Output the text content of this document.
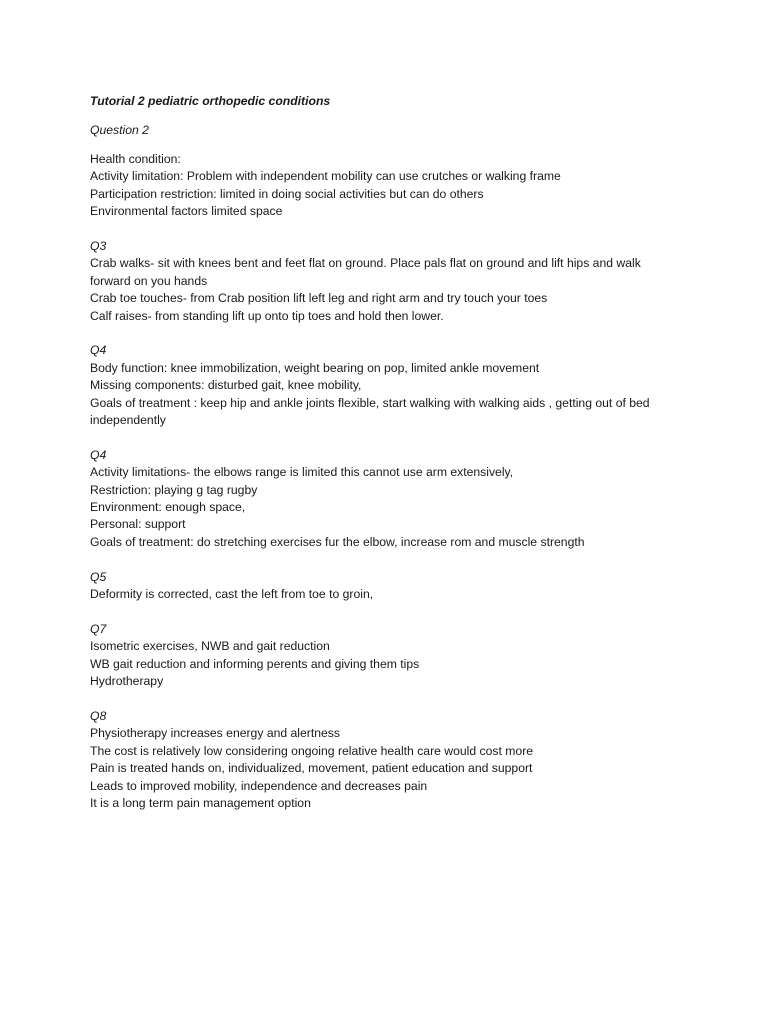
Tutorial 2 pediatric orthopedic conditions
Question 2
Health condition:
Activity limitation: Problem with independent mobility can use crutches or walking frame
Participation restriction: limited in doing social activities but can do others
Environmental factors limited space
Q3
Crab walks- sit with knees bent and feet flat on ground. Place pals flat on ground and lift hips and walk forward on you hands
Crab toe touches- from Crab position lift left leg and right arm and try touch your toes
Calf raises- from standing lift up onto tip toes and hold then lower.
Q4
Body function: knee immobilization, weight bearing on pop, limited ankle movement
Missing components: disturbed gait, knee mobility,
Goals of treatment : keep hip and ankle joints flexible, start walking with walking aids , getting out of bed independently
Q4
Activity limitations- the elbows range is limited this cannot use arm extensively,
Restriction: playing g tag rugby
Environment: enough space,
Personal: support
Goals of treatment: do stretching exercises fur the elbow, increase rom and muscle strength
Q5
Deformity is corrected, cast the left from toe to groin,
Q7
Isometric exercises, NWB and gait reduction
WB gait reduction and informing perents and giving them tips
Hydrotherapy
Q8
Physiotherapy increases energy and alertness
The cost is relatively low considering ongoing relative health care would cost more
Pain is treated hands on, individualized, movement, patient education and support
Leads to improved mobility, independence and decreases pain
It is a long term pain management option
